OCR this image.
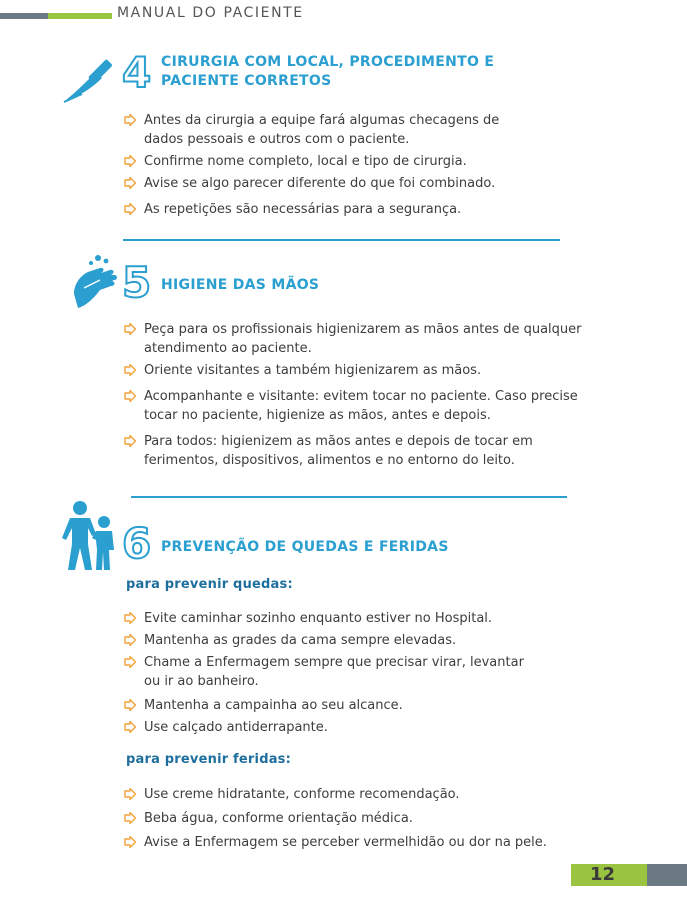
MANUAL DO PACIENTE
4 CIRURGIA COM LOCAL, PROCEDIMENTO E
PACIENTE CORRETOS
Antes da cirurgia a equipe fará algumas checagens de
dados pessoais e outros com o paciente.
Confirme nome completo, local e tipo de cirurgia.
Avise se algo parecer diferente do que foi combinado.
As repetições são necessárias para a segurança.
5 HIGIENE DAS MÃOS
Peça para os profissionais higienizarem as mãos antes de qualquer
atendimento ao paciente.
Oriente visitantes a também higienizarem as mãos.
Acompanhante e visitante: evitem tocar no paciente. Caso precise
tocar no paciente, higienize as mãos, antes e depois.
Para todos: higienizem as mãos antes e depois de tocar em
ferimentos, dispositivos, alimentos e no entorno do leito.
6 PREVENÇÃO DE QUEDAS E FERIDAS
para prevenir quedas:
Evite caminhar sozinho enquanto estiver no Hospital.
Mantenha as grades da cama sempre elevadas.
Chame a Enfermagem sempre que precisar virar, levantar
ou ir ao banheiro.
Mantenha a campainha ao seu alcance.
Use calçado antiderrapante.
para prevenir feridas:
Use creme hidratante, conforme recomendação.
Beba água, conforme orientação médica.
Avise a Enfermagem se perceber vermelhidão ou dor na pele.
12
